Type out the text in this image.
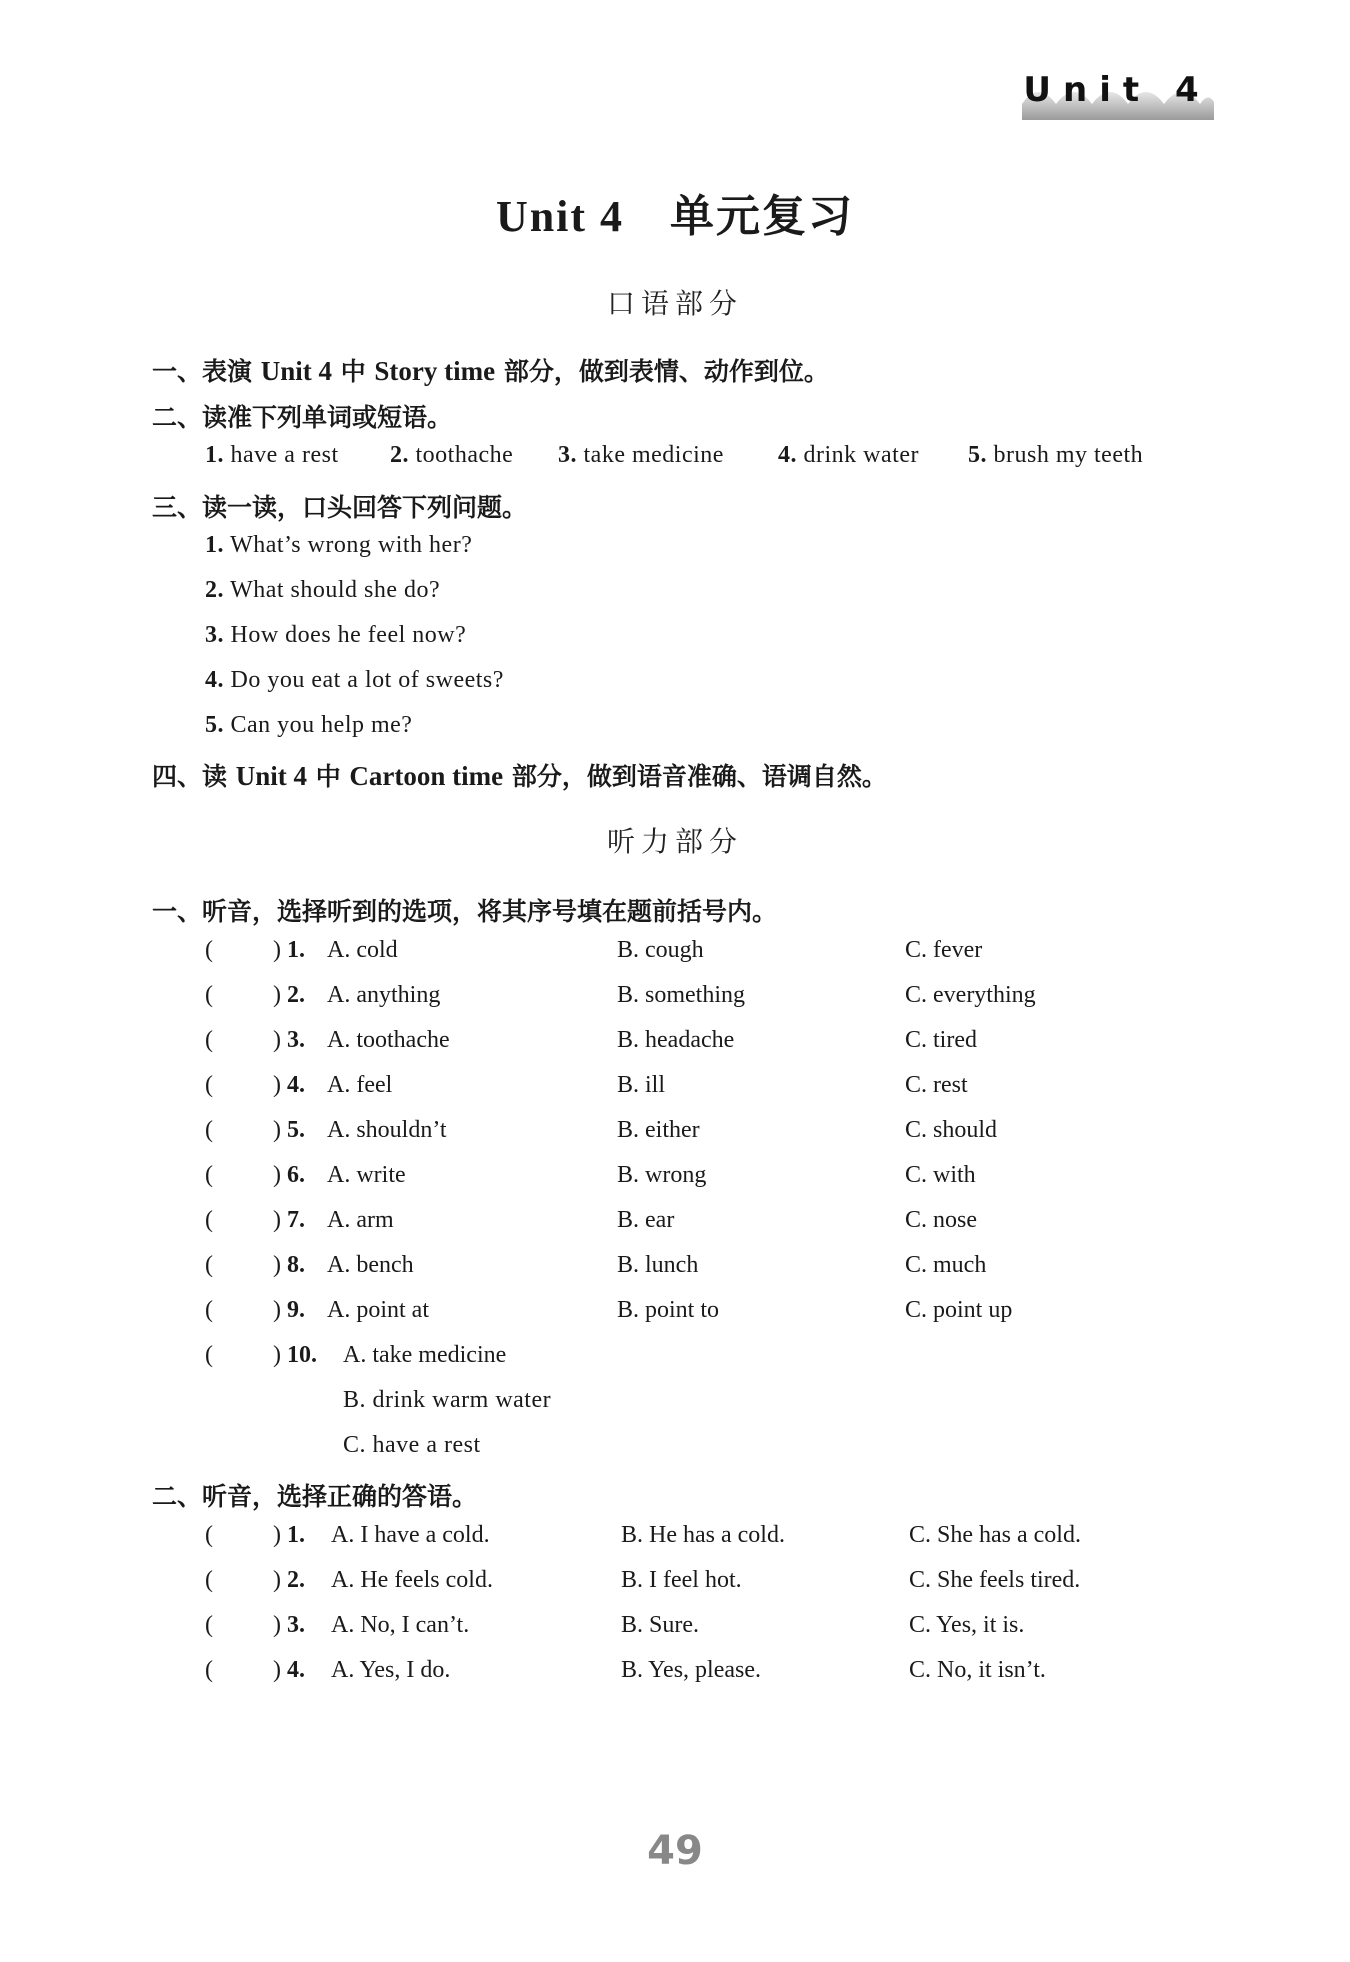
Unit 4
Unit 4　单元复习
口语部分
一、表演 Unit 4 中 Story time 部分，做到表情、动作到位。
二、读准下列单词或短语。
1. have a rest 2. toothache 3. take medicine 4. drink water 5. brush my teeth
三、读一读，口头回答下列问题。
1. What’s wrong with her?
2. What should she do?
3. How does he feel now?
4. Do you eat a lot of sweets?
5. Can you help me?
四、读 Unit 4 中 Cartoon time 部分，做到语音准确、语调自然。
听力部分
一、听音，选择听到的选项，将其序号填在题前括号内。
(	) 1. A. cold	B. cough	C. fever
(	) 2. A. anything	B. something	C. everything
(	) 3. A. toothache	B. headache	C. tired
(	) 4. A. feel	B. ill	C. rest
(	) 5. A. shouldn’t	B. either	C. should
(	) 6. A. write	B. wrong	C. with
(	) 7. A. arm	B. ear	C. nose
(	) 8. A. bench	B. lunch	C. much
(	) 9. A. point at	B. point to	C. point up
(	) 10. A. take medicine
B. drink warm water
C. have a rest
二、听音，选择正确的答语。
(	) 1. A. I have a cold.	B. He has a cold.	C. She has a cold.
(	) 2. A. He feels cold.	B. I feel hot.	C. She feels tired.
(	) 3. A. No, I can’t.	B. Sure.	C. Yes, it is.
(	) 4. A. Yes, I do.	B. Yes, please.	C. No, it isn’t.
49
